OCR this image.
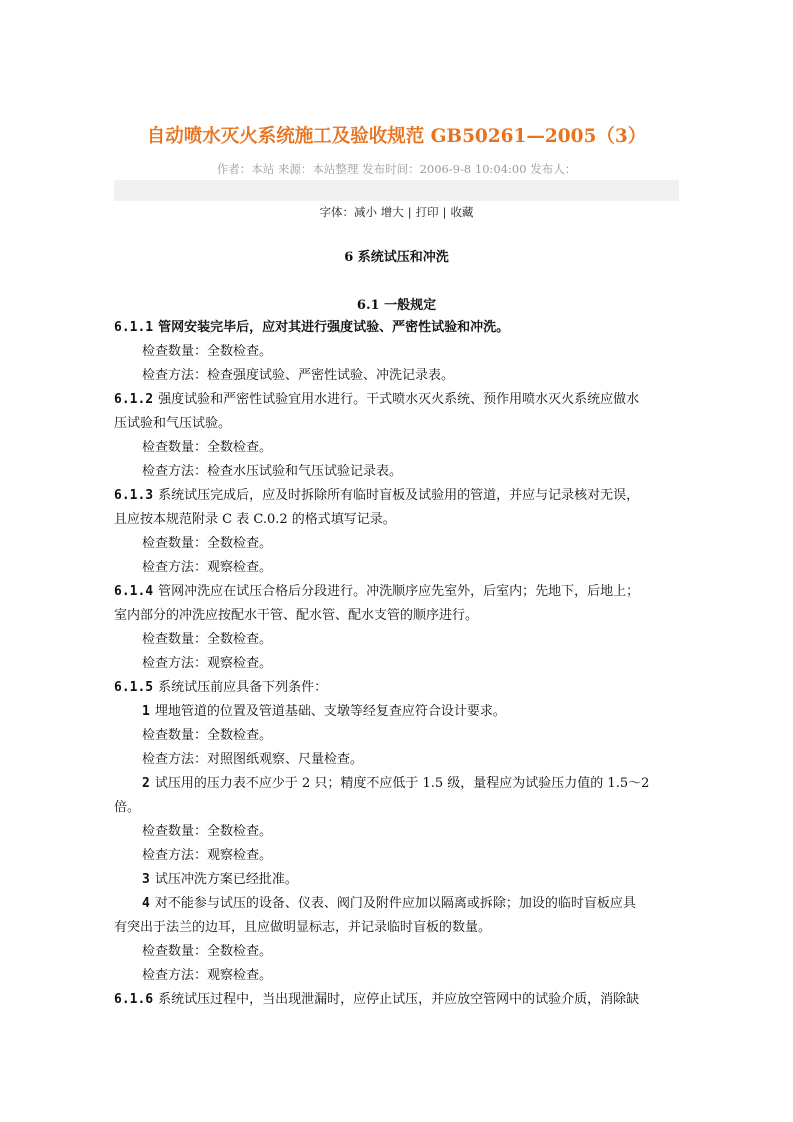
自动喷水灭火系统施工及验收规范 GB50261—2005（3）
作者：本站 来源：本站整理 发布时间：2006-9-8 10:04:00 发布人：
字体：减小 增大 | 打印 | 收藏
6 系统试压和冲洗
6.1 一般规定
6.1.1 管网安装完毕后，应对其进行强度试验、严密性试验和冲洗。
检查数量：全数检查。
检查方法：检查强度试验、严密性试验、冲洗记录表。
6.1.2 强度试验和严密性试验宜用水进行。干式喷水灭火系统、预作用喷水灭火系统应做水
压试验和气压试验。
检查数量：全数检查。
检查方法：检查水压试验和气压试验记录表。
6.1.3 系统试压完成后，应及时拆除所有临时盲板及试验用的管道，并应与记录核对无误，
且应按本规范附录 C 表 C.0.2 的格式填写记录。
检查数量：全数检查。
检查方法：观察检查。
6.1.4 管网冲洗应在试压合格后分段进行。冲洗顺序应先室外，后室内；先地下，后地上；
室内部分的冲洗应按配水干管、配水管、配水支管的顺序进行。
检查数量：全数检查。
检查方法：观察检查。
6.1.5 系统试压前应具备下列条件：
1 埋地管道的位置及管道基础、支墩等经复查应符合设计要求。
检查数量：全数检查。
检查方法：对照图纸观察、尺量检查。
2 试压用的压力表不应少于 2 只；精度不应低于 1.5 级，量程应为试验压力值的 1.5～2
倍。
检查数量：全数检查。
检查方法：观察检查。
3 试压冲洗方案已经批准。
4 对不能参与试压的设备、仪表、阀门及附件应加以隔离或拆除；加设的临时盲板应具
有突出于法兰的边耳，且应做明显标志，并记录临时盲板的数量。
检查数量：全数检查。
检查方法：观察检查。
6.1.6 系统试压过程中，当出现泄漏时，应停止试压，并应放空管网中的试验介质，消除缺
